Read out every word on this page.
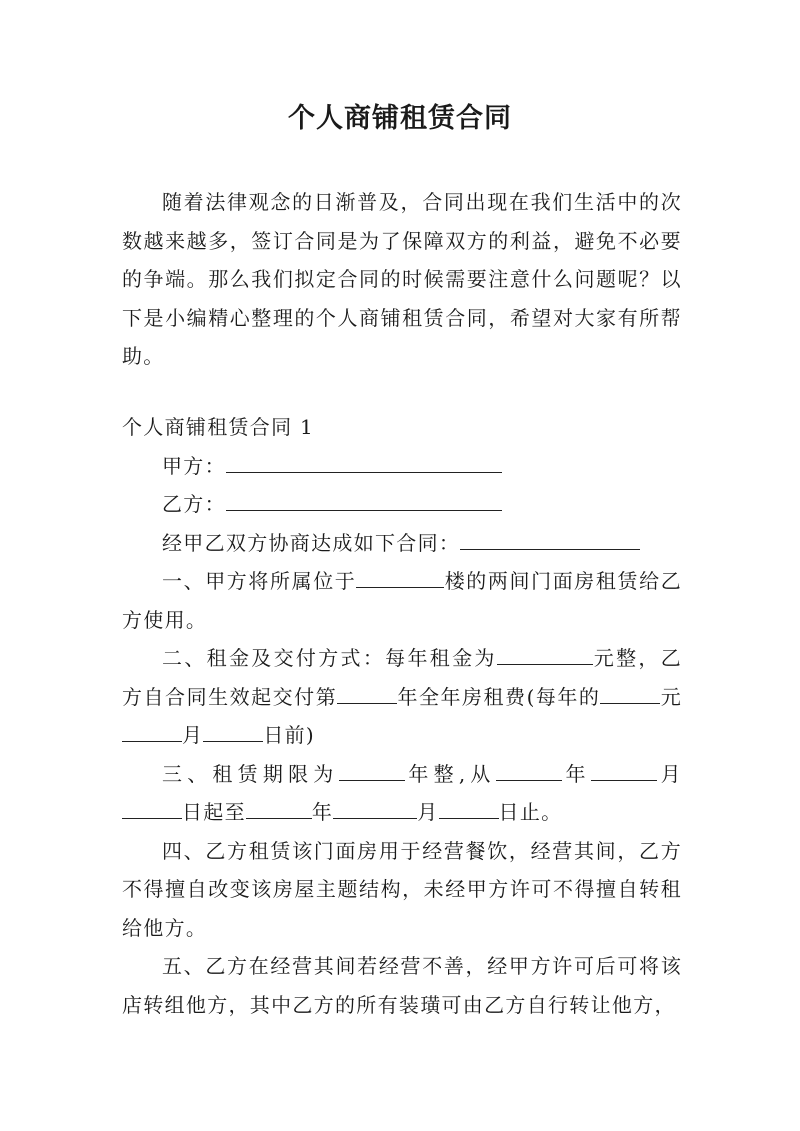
个人商铺租赁合同

随着法律观念的日渐普及，合同出现在我们生活中的次数越来越多，签订合同是为了保障双方的利益，避免不必要的争端。那么我们拟定合同的时候需要注意什么问题呢？以下是小编精心整理的个人商铺租赁合同，希望对大家有所帮助。

个人商铺租赁合同 1

甲方：

乙方：

经甲乙双方协商达成如下合同：

一、甲方将所属位于	楼的两间门面房租赁给乙方使用。

二、租金及交付方式：每年租金为	元整，乙方自合同生效起交付第	年全年房租费(每年的	元月	日前)

三、租赁期限为	年整,从	年	月日起至	年	月	日止。

四、乙方租赁该门面房用于经营餐饮，经营其间，乙方不得擅自改变该房屋主题结构，未经甲方许可不得擅自转租给他方。

五、乙方在经营其间若经营不善，经甲方许可后可将该店转组他方，其中乙方的所有装璜可由乙方自行转让他方，
